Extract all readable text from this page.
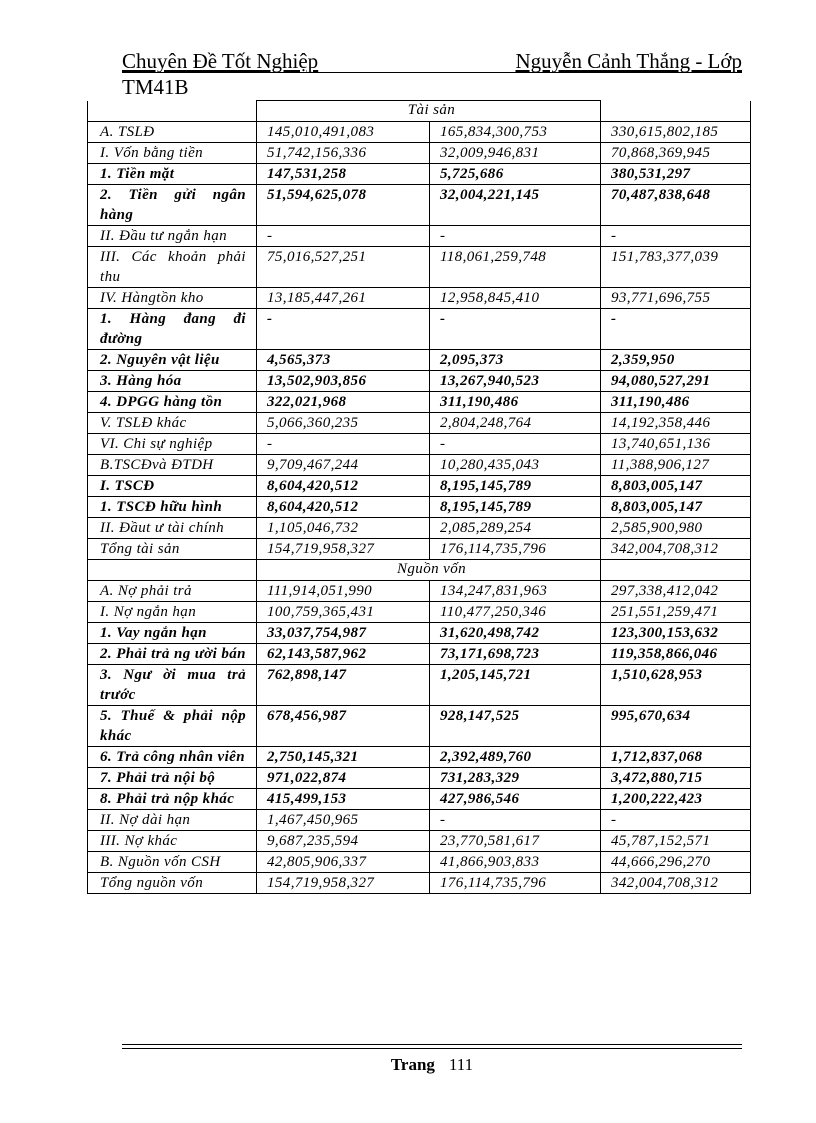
Chuyên Đề Tốt Nghiệp	Nguyễn Cảnh Thắng - Lớp
TM41B
	Tài sản		
A. TSLĐ	145,010,491,083	165,834,300,753	330,615,802,185
I. Vốn bằng tiền	51,742,156,336	32,009,946,831	70,868,369,945
1. Tiền mặt	147,531,258	5,725,686	380,531,297
2. Tiền gửi ngân hàng	51,594,625,078	32,004,221,145	70,487,838,648
II. Đầu tư ngắn hạn	-	-	-
III. Các khoản phải thu	75,016,527,251	118,061,259,748	151,783,377,039
IV. Hàngtồn kho	13,185,447,261	12,958,845,410	93,771,696,755
1. Hàng đang đi đường	-	-	-
2. Nguyên vật liệu	4,565,373	2,095,373	2,359,950
3. Hàng hóa	13,502,903,856	13,267,940,523	94,080,527,291
4. DPGG hàng tồn	322,021,968	311,190,486	311,190,486
V. TSLĐ khác	5,066,360,235	2,804,248,764	14,192,358,446
VI. Chi sự nghiệp	-	-	13,740,651,136
B.TSCĐvà ĐTDH	9,709,467,244	10,280,435,043	11,388,906,127
I. TSCĐ	8,604,420,512	8,195,145,789	8,803,005,147
1. TSCĐ hữu hình	8,604,420,512	8,195,145,789	8,803,005,147
II. Đầut ư tài chính	1,105,046,732	2,085,289,254	2,585,900,980
Tổng tài sản	154,719,958,327	176,114,735,796	342,004,708,312
	Nguồn vốn		
A. Nợ phải trả	111,914,051,990	134,247,831,963	297,338,412,042
I. Nợ ngắn hạn	100,759,365,431	110,477,250,346	251,551,259,471
1. Vay ngắn hạn	33,037,754,987	31,620,498,742	123,300,153,632
2. Phải trả ng ười bán	62,143,587,962	73,171,698,723	119,358,866,046
3. Ngư ời mua trả trước	762,898,147	1,205,145,721	1,510,628,953
5. Thuế & phải nộp khác	678,456,987	928,147,525	995,670,634
6. Trả công nhân viên	2,750,145,321	2,392,489,760	1,712,837,068
7. Phải trả nội bộ	971,022,874	731,283,329	3,472,880,715
8. Phải trả nộp khác	415,499,153	427,986,546	1,200,222,423
II. Nợ dài hạn	1,467,450,965	-	-
III. Nợ khác	9,687,235,594	23,770,581,617	45,787,152,571
B. Nguồn vốn CSH	42,805,906,337	41,866,903,833	44,666,296,270
Tổng nguồn vốn	154,719,958,327	176,114,735,796	342,004,708,312
Trang 111
